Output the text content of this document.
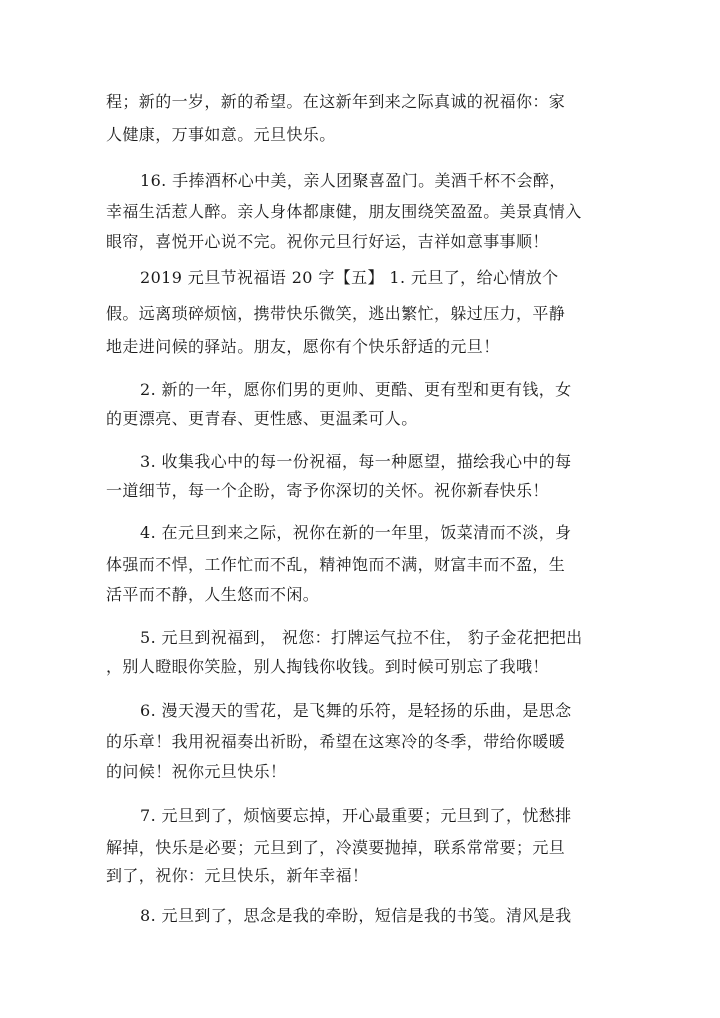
程；新的一岁，新的希望。在这新年到来之际真诚的祝福你：家

人健康，万事如意。元旦快乐。

16. 手捧酒杯心中美，亲人团聚喜盈门。美酒千杯不会醉，

幸福生活惹人醉。亲人身体都康健，朋友围绕笑盈盈。美景真情入

眼帘，喜悦开心说不完。祝你元旦行好运，吉祥如意事事顺！

2019 元旦节祝福语 20 字【五】 1. 元旦了，给心情放个

假。远离琐碎烦恼，携带快乐微笑，逃出繁忙，躲过压力，平静

地走进问候的驿站。朋友，愿你有个快乐舒适的元旦！

2. 新的一年，愿你们男的更帅、更酷、更有型和更有钱，女

的更漂亮、更青春、更性感、更温柔可人。

3. 收集我心中的每一份祝福，每一种愿望，描绘我心中的每

一道细节，每一个企盼，寄予你深切的关怀。祝你新春快乐！

4. 在元旦到来之际，祝你在新的一年里，饭菜清而不淡，身

体强而不悍，工作忙而不乱，精神饱而不满，财富丰而不盈，生

活平而不静，人生悠而不闲。

5. 元旦到祝福到， 祝您：打牌运气拉不住， 豹子金花把把出

，别人瞪眼你笑脸，别人掏钱你收钱。到时候可别忘了我哦！

6. 漫天漫天的雪花，是飞舞的乐符，是轻扬的乐曲，是思念

的乐章！我用祝福奏出祈盼，希望在这寒冷的冬季，带给你暖暖

的问候！祝你元旦快乐！

7. 元旦到了，烦恼要忘掉，开心最重要；元旦到了，忧愁排

解掉，快乐是必要；元旦到了，冷漠要抛掉，联系常常要；元旦

到了，祝你：元旦快乐，新年幸福！

8. 元旦到了，思念是我的牵盼，短信是我的书笺。清风是我
